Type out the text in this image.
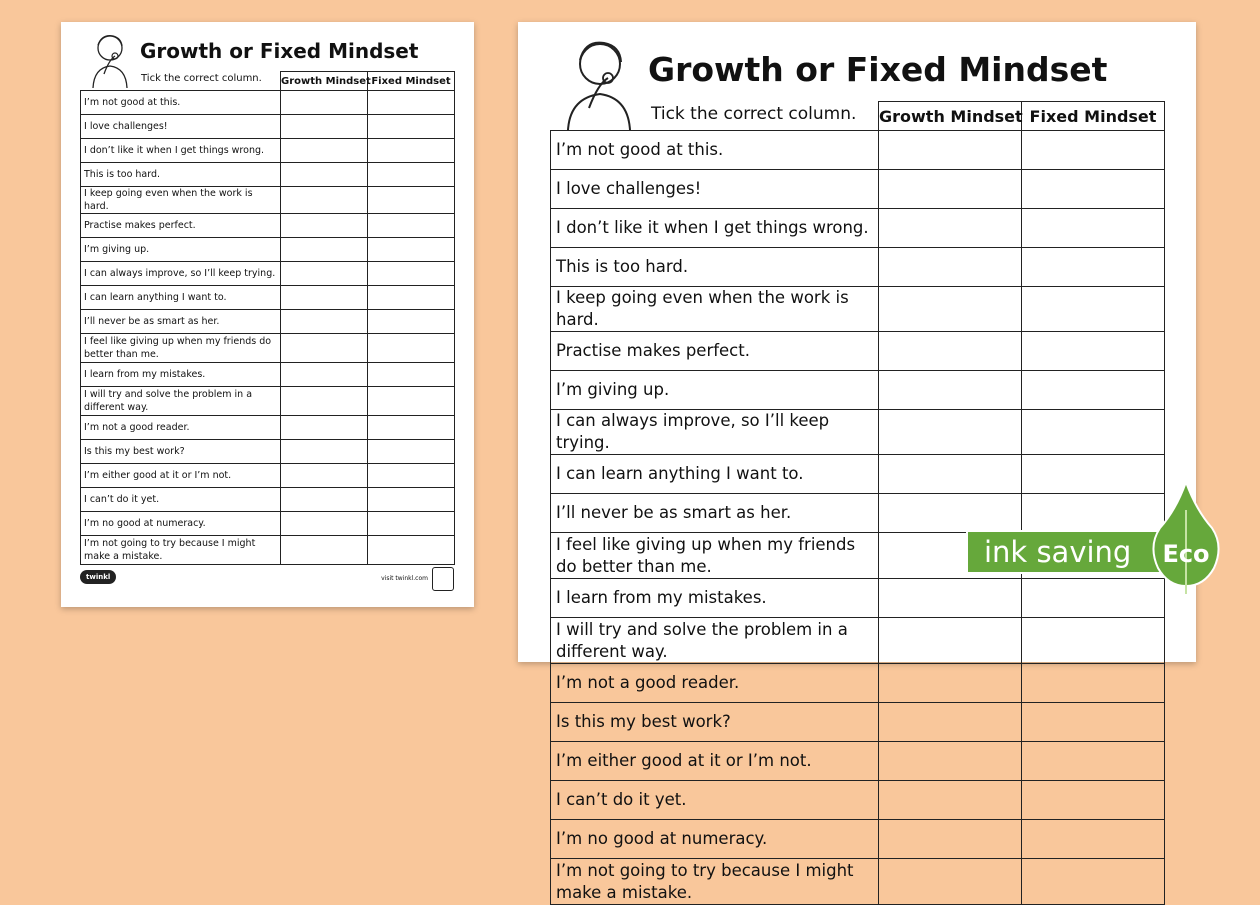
Growth or Fixed Mindset
Tick the correct column.
	Growth Mindset	Fixed Mindset
I’m not good at this.		
I love challenges!		
I don’t like it when I get things wrong.		
This is too hard.		
I keep going even when the work is hard.		
Practise makes perfect.		
I’m giving up.		
I can always improve, so I’ll keep trying.		
I can learn anything I want to.		
I’ll never be as smart as her.		
I feel like giving up when my friends do better than me.		
I learn from my mistakes.		
I will try and solve the problem in a different way.		
I’m not a good reader.		
Is this my best work?		
I’m either good at it or I’m not.		
I can’t do it yet.		
I’m no good at numeracy.		
I’m not going to try because I might make a mistake.		
twinkl	visit twinkl.com
Growth or Fixed Mindset
Tick the correct column.
	Growth Mindset	Fixed Mindset
I’m not good at this.		
I love challenges!		
I don’t like it when I get things wrong.		
This is too hard.		
I keep going even when the work is hard.		
Practise makes perfect.		
I’m giving up.		
I can always improve, so I’ll keep trying.		
I can learn anything I want to.		
I’ll never be as smart as her.		
I feel like giving up when my friends do better than me.		
I learn from my mistakes.		
I will try and solve the problem in a different way.		
I’m not a good reader.		
Is this my best work?		
I’m either good at it or I’m not.		
I can’t do it yet.		
I’m no good at numeracy.		
I’m not going to try because I might make a mistake.		
ink saving	Eco
